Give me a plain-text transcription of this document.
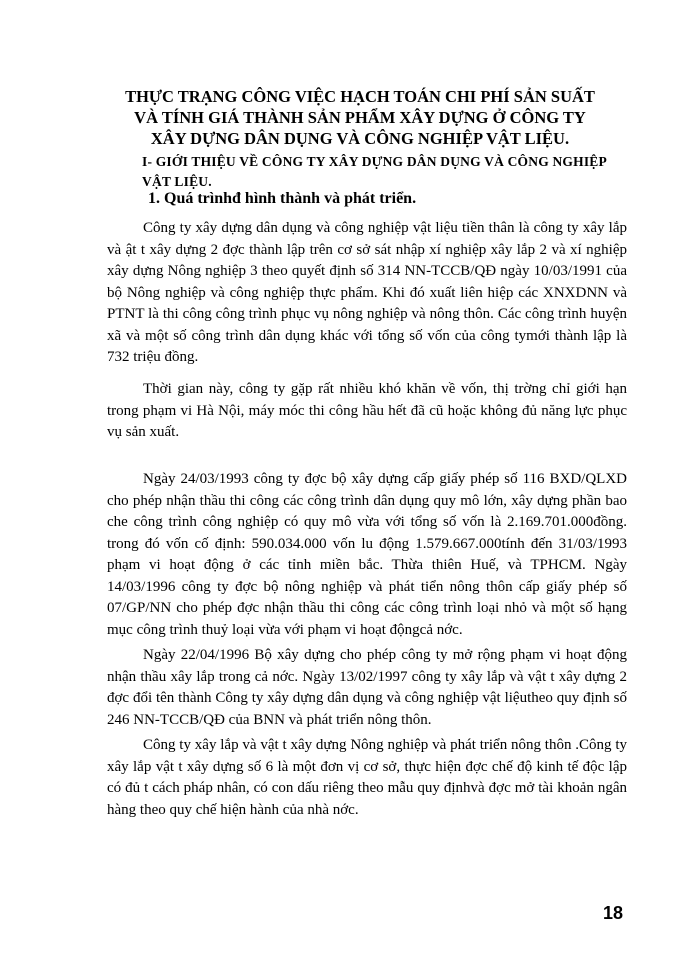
THỰC TRẠNG CÔNG VIỆC HẠCH TOÁN CHI PHÍ SẢN SUẤT
VÀ TÍNH GIÁ THÀNH SẢN PHẨM XÂY DỰNG Ở CÔNG TY
XÂY DỰNG DÂN DỤNG VÀ CÔNG NGHIỆP VẬT LIỆU.

I- GIỚI THIỆU VỀ CÔNG TY XÂY DỰNG DÂN DỤNG VÀ CÔNG NGHIỆP VẬT LIỆU.

1. Quá trìnhđ hình thành và phát triển.

Công ty xây dựng dân dụng và công nghiệp vật liệu tiền thân là công ty xây lắp và ật t xây dựng 2 đợc thành lập trên cơ sở sát nhập xí nghiệp xây lắp 2 và xí nghiệp xây dựng Nông nghiệp 3 theo quyết định số 314 NN-TCCB/QĐ ngày 10/03/1991 của bộ Nông nghiệp và công nghiệp thực phẩm. Khi đó xuất liên hiệp các XNXDNN và PTNT là thi công công trình phục vụ nông nghiệp và nông thôn. Các công trình huyện xã và một số công trình dân dụng khác với tổng số vốn của công tymới thành lập là 732 triệu đồng.

Thời gian này, công ty gặp rất nhiều khó khăn về vốn, thị trờng chỉ giới hạn trong phạm vi Hà Nội, máy móc thi công hầu hết đã cũ hoặc không đủ năng lực phục vụ sản xuất.

Ngày 24/03/1993 công ty đợc bộ xây dựng cấp giấy phép số 116 BXD/QLXD cho phép nhận thầu thi công các công trình dân dụng quy mô lớn, xây dựng phần bao che công trình công nghiệp có quy mô vừa với tổng số vốn là 2.169.701.000đồng. trong đó vốn cố định: 590.034.000 vốn lu động 1.579.667.000tính đến 31/03/1993 phạm vi hoạt động ở các tỉnh miền bắc. Thừa thiên Huế, và TPHCM. Ngày 14/03/1996 công ty đợc bộ nông nghiệp và phát tiển nông thôn cấp giấy phép số 07/GP/NN cho phép đợc nhận thầu thi công các công trình loại nhỏ và một số hạng mục công trình thuỷ loại vừa với phạm vi hoạt độngcả nớc.

Ngày 22/04/1996 Bộ xây dựng cho phép công ty mở rộng phạm vi hoạt động nhận thầu xây lắp trong cả nớc. Ngày 13/02/1997 công ty xây lắp và vật t xây dựng 2 đợc đổi tên thành Công ty xây dựng dân dụng và công nghiệp vật liệutheo quy định số 246 NN-TCCB/QĐ của BNN và phát triển nông thôn.

Công ty xây lắp và vật t xây dựng Nông nghiệp và phát triển nông thôn .Công ty xây lắp vật t xây dựng số 6 là một đơn vị cơ sở, thực hiện đợc chế độ kinh tế độc lập có đủ t cách pháp nhân, có con dấu riêng theo mẫu quy địnhvà đợc mở tài khoản ngân hàng theo quy chế hiện hành của nhà nớc.

18
